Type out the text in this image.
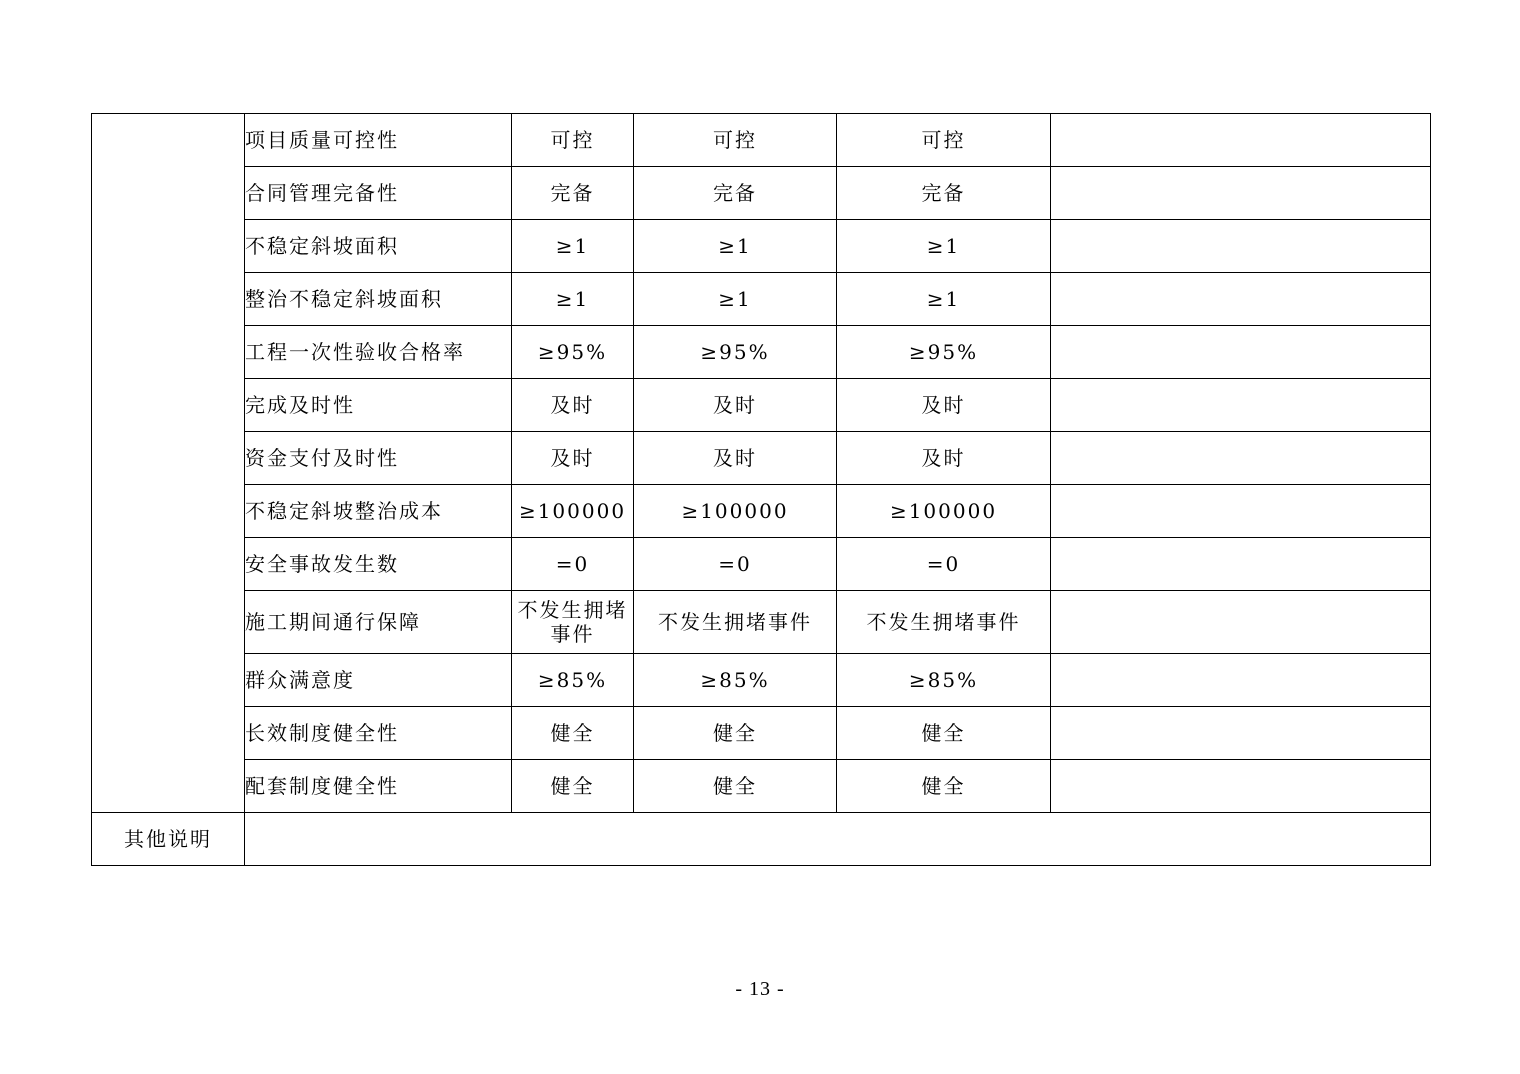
	项目质量可控性	可控	可控	可控	
	合同管理完备性	完备	完备	完备	
	不稳定斜坡面积	≥1	≥1	≥1	
	整治不稳定斜坡面积	≥1	≥1	≥1	
	工程一次性验收合格率	≥95%	≥95%	≥95%	
	完成及时性	及时	及时	及时	
	资金支付及时性	及时	及时	及时	
	不稳定斜坡整治成本	≥100000	≥100000	≥100000	
	安全事故发生数	=0	=0	=0	
	施工期间通行保障	不发生拥堵事件	不发生拥堵事件	不发生拥堵事件	
	群众满意度	≥85%	≥85%	≥85%	
	长效制度健全性	健全	健全	健全	
	配套制度健全性	健全	健全	健全	
其他说明					
- 13 -
